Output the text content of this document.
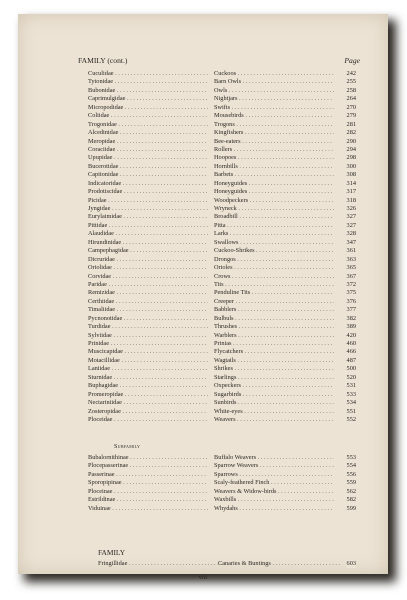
FAMILY (cont.)	Page
Cuculidae . . .	Cuckoos . . .	242
Tytonidae . . .	Barn Owls . . .	255
Bubonidae . . .	Owls . . .	258
Caprimulgidae . . .	Nightjars . . .	264
Micropodidae . . .	Swifts . . .	270
Coliidae . . .	Mousebirds . . .	279
Trogonidae . . .	Trogons . . .	281
Alcedinidae . . .	Kingfishers . . .	282
Meropidae . . .	Bee-eaters . . .	290
Coraciidae . . .	Rollers . . .	294
Upupidae . . .	Hoopoes . . .	298
Bucerotidae . . .	Hornbills . . .	300
Capitonidae . . .	Barbets . . .	308
Indicatoridae . . .	Honeyguides . . .	314
Prodotiscidae . . .	Honeyguides . . .	317
Picidae . . .	Woodpeckers . . .	318
Jyngidae . . .	Wryneck . . .	326
Eurylaimidae . . .	Broadbill . . .	327
Pittidae . . .	Pitta . . .	327
Alaudidae . . .	Larks . . .	328
Hirundinidae . . .	Swallows . . .	347
Campephagidae . . .	Cuckoo-Shrikes . . .	361
Dicruridae . . .	Drongos . . .	363
Oriolidae . . .	Orioles . . .	365
Corvidae . . .	Crows . . .	367
Paridae . . .	Tits . . .	372
Remizidae . . .	Penduline Tits . . .	375
Certhiidae . . .	Creeper . . .	376
Timaliidae . . .	Babblers . . .	377
Pycnonotidae . . .	Bulbuls . . .	382
Turdidae . . .	Thrushes . . .	389
Sylviidae . . .	Warblers . . .	420
Prinidae . . .	Prinias . . .	460
Muscicapidae . . .	Flycatchers . . .	466
Motacillidae . . .	Wagtails . . .	487
Laniidae . . .	Shrikes . . .	500
Sturnidae . . .	Starlings . . .	520
Buphagidae . . .	Oxpeckers . . .	531
Promeropidae . . .	Sugarbirds . . .	533
Nectariniidae . . .	Sunbirds . . .	534
Zosteropidae . . .	White-eyes . . .	551
Ploceidae . . .	Weavers . . .	552
Subfamily
Bubalornithinae . . .	Buffalo Weavers . . .	553
Plocepasserinae . . .	Sparrow Weavers . . .	554
Passerinae . . .	Sparrows . . .	556
Sporopipinae . . .	Scaly-feathered Finch . . .	559
Ploceinae . . .	Weavers & Widow-birds . . .	562
Estrildinae . . .	Waxbills . . .	582
Viduinae . . .	Whydahs . . .	599
FAMILY
Fringillidae . . .	Canaries & Buntings . . .	603
viii
